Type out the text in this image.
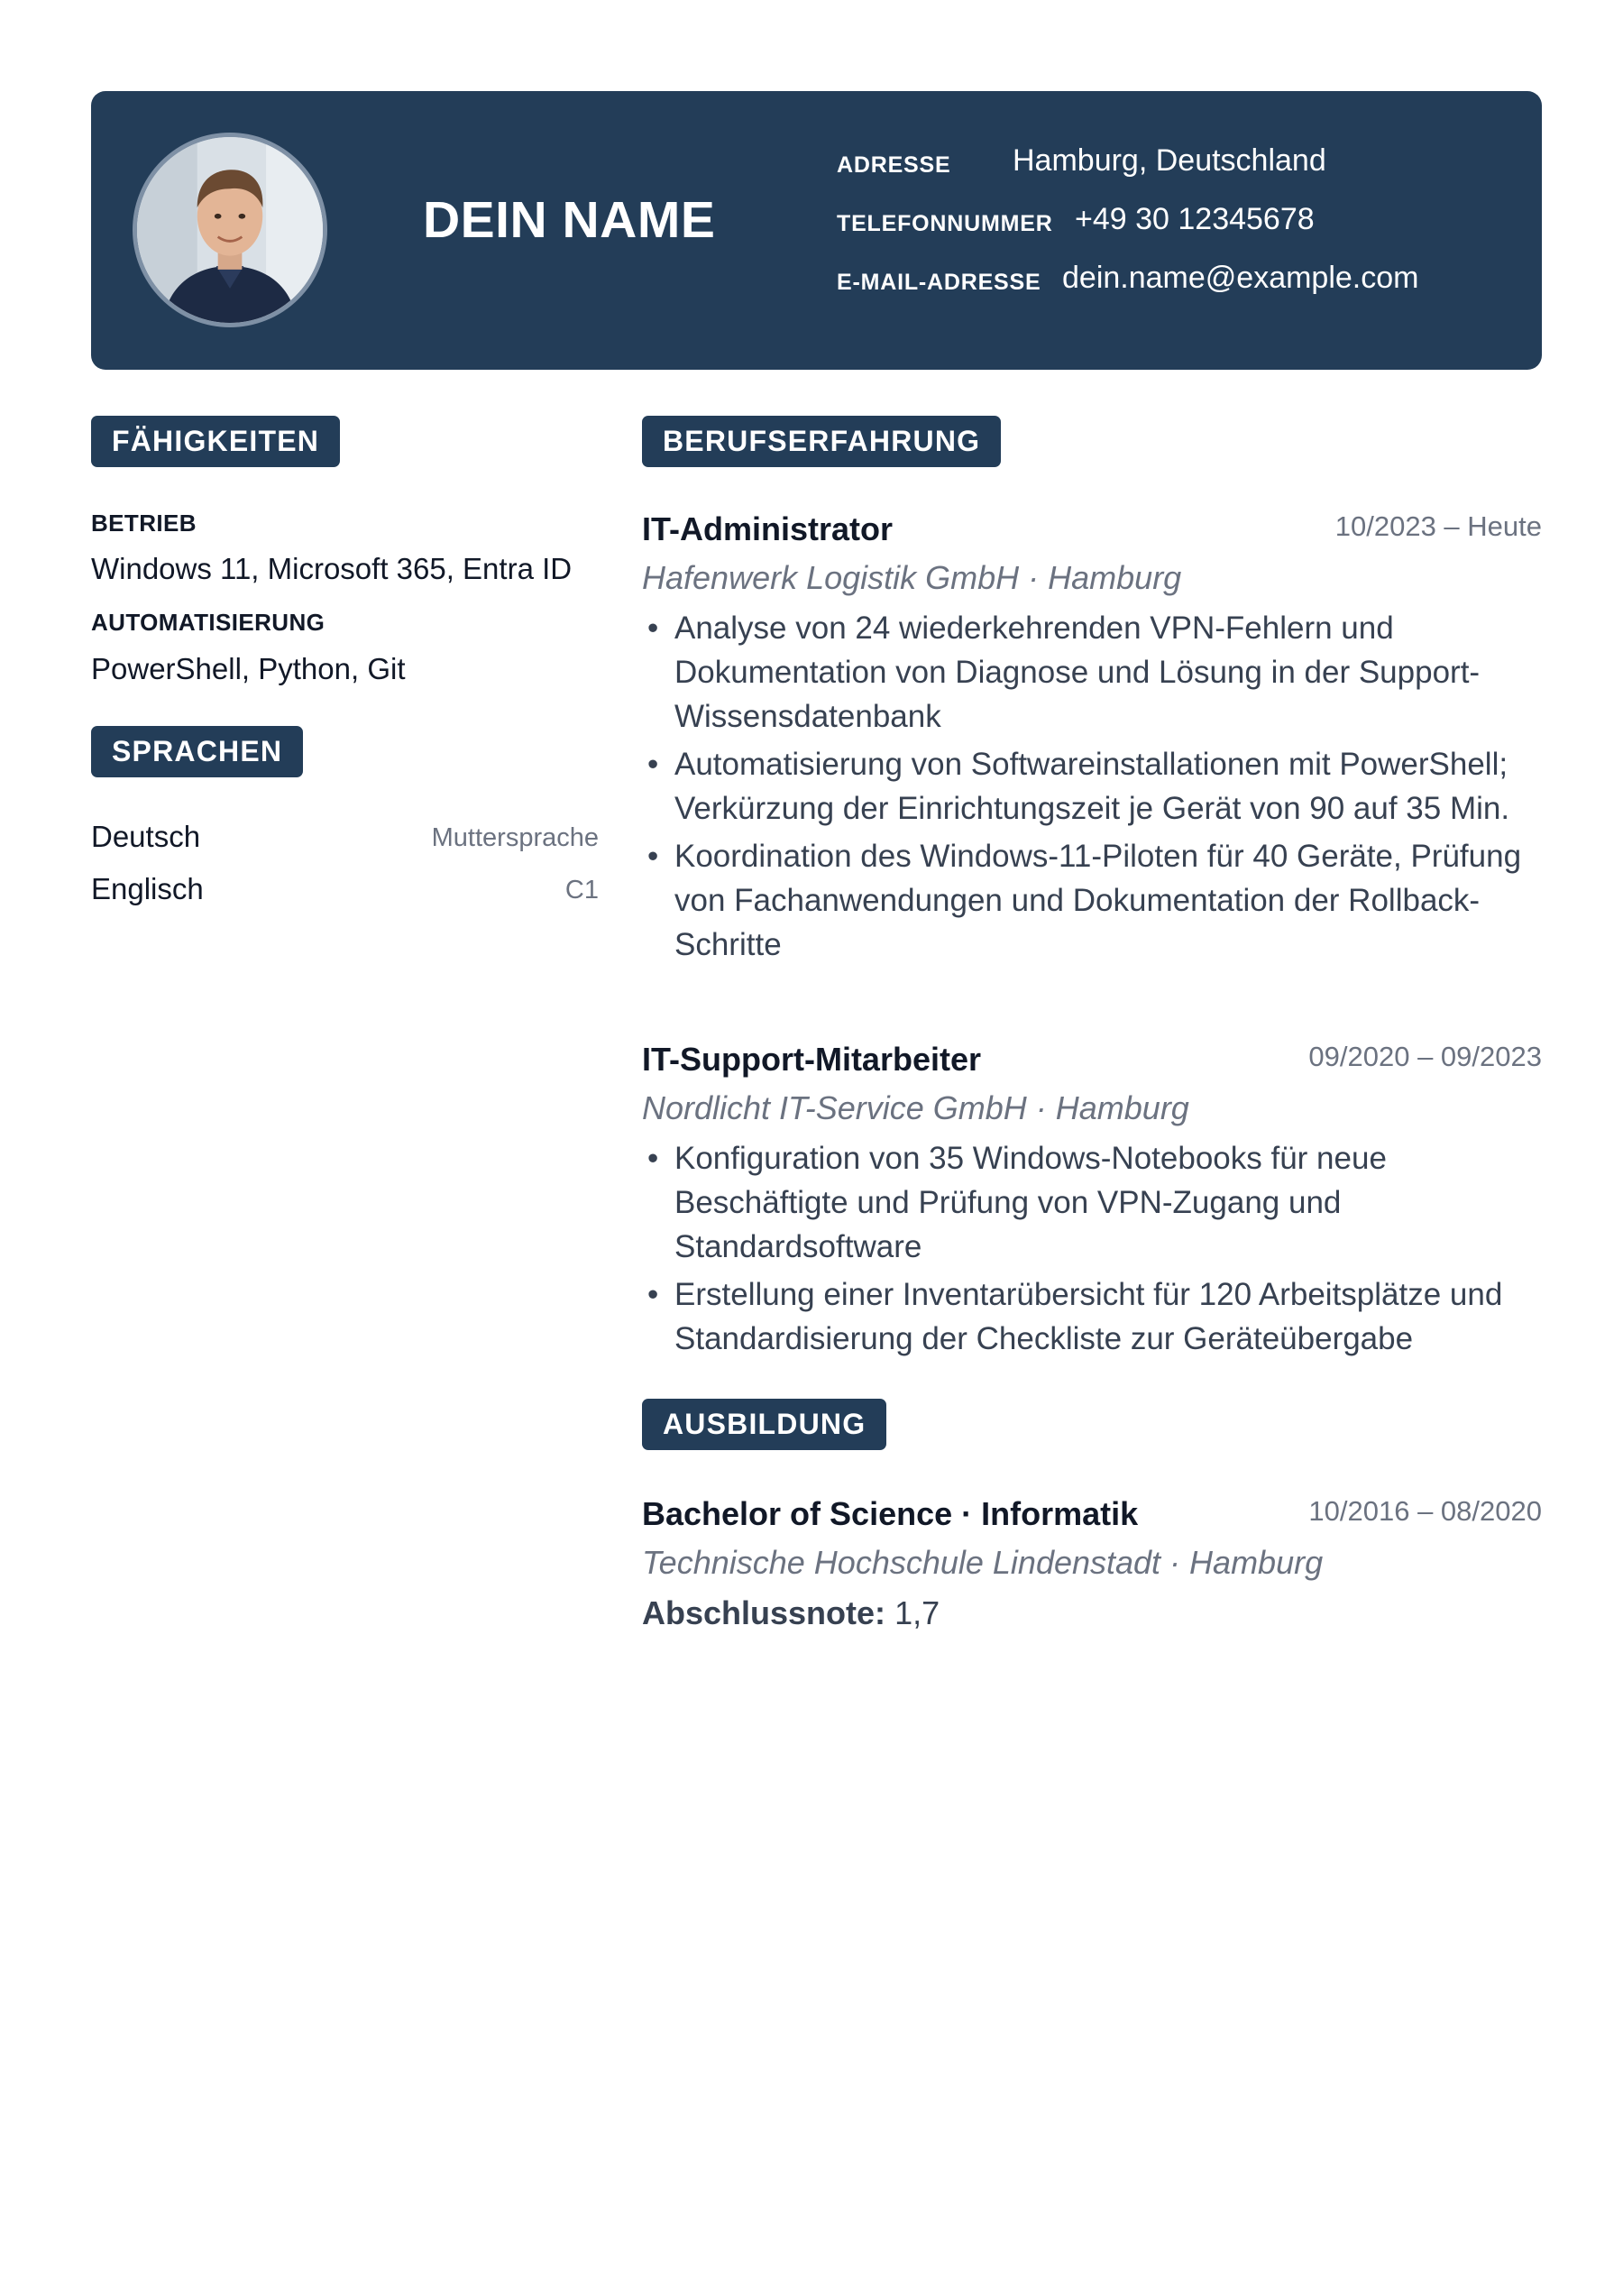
DEIN NAME
ADRESSE Hamburg, Deutschland
TELEFONNUMMER +49 30 12345678
E-MAIL-ADRESSE dein.name@example.com
FÄHIGKEITEN
BETRIEB
Windows 11, Microsoft 365, Entra ID
AUTOMATISIERUNG
PowerShell, Python, Git
SPRACHEN
Deutsch	Muttersprache
Englisch	C1
BERUFSERFAHRUNG
IT-Administrator	10/2023 – Heute
Hafenwerk Logistik GmbH · Hamburg
• Analyse von 24 wiederkehrenden VPN-Fehlern und Dokumentation von Diagnose und Lösung in der Support-Wissensdatenbank
• Automatisierung von Softwareinstallationen mit PowerShell; Verkürzung der Einrichtungszeit je Gerät von 90 auf 35 Min.
• Koordination des Windows-11-Piloten für 40 Geräte, Prüfung von Fachanwendungen und Dokumentation der Rollback-Schritte
IT-Support-Mitarbeiter	09/2020 – 09/2023
Nordlicht IT-Service GmbH · Hamburg
• Konfiguration von 35 Windows-Notebooks für neue Beschäftigte und Prüfung von VPN-Zugang und Standardsoftware
• Erstellung einer Inventarübersicht für 120 Arbeitsplätze und Standardisierung der Checkliste zur Geräteübergabe
AUSBILDUNG
Bachelor of Science · Informatik	10/2016 – 08/2020
Technische Hochschule Lindenstadt · Hamburg
Abschlussnote: 1,7
